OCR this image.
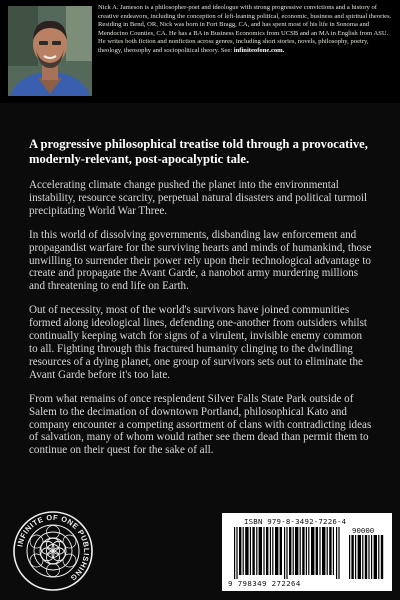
Nick A. Jameson is a philosopher-poet and ideologue with strong progressive convictions and a history of creative endeavors, including the conception of left-leaning political, economic, business and spiritual theories. Residing in Bend, OR, Nick was born in Fort Bragg, CA, and has spent most of his life in Sonoma and Mendocino Counties, CA. He has a BA in Business Economics from UCSB and an MA in English from ASU. He writes both fiction and nonfiction across genres, including short stories, novels, philosophy, poetry, theology, theosophy and sociopolitical theory. See: infiniteofone.com.

A progressive philosophical treatise told through a provocative, modernly-relevant, post-apocalyptic tale.

Accelerating climate change pushed the planet into the environmental instability, resource scarcity, perpetual natural disasters and political turmoil precipitating World War Three.

In this world of dissolving governments, disbanding law enforcement and propagandist warfare for the surviving hearts and minds of humankind, those unwilling to surrender their power rely upon their technological advantage to create and propagate the Avant Garde, a nanobot army murdering millions and threatening to end life on Earth.

Out of necessity, most of the world's survivors have joined communities formed along ideological lines, defending one-another from outsiders whilst continually keeping watch for signs of a virulent, invisible enemy common to all. Fighting through this fractured humanity clinging to the dwindling resources of a dying planet, one group of survivors sets out to eliminate the Avant Garde before it's too late.

From what remains of once resplendent Silver Falls State Park outside of Salem to the decimation of downtown Portland, philosophical Kato and company encounter a competing assortment of clans with contradicting ideas of salvation, many of whom would rather see them dead than permit them to continue on their quest for the sake of all.

INFINITE OF ONE PUBLISHING

ISBN 979-8-3492-7226-4

90000

9 798349 272264
